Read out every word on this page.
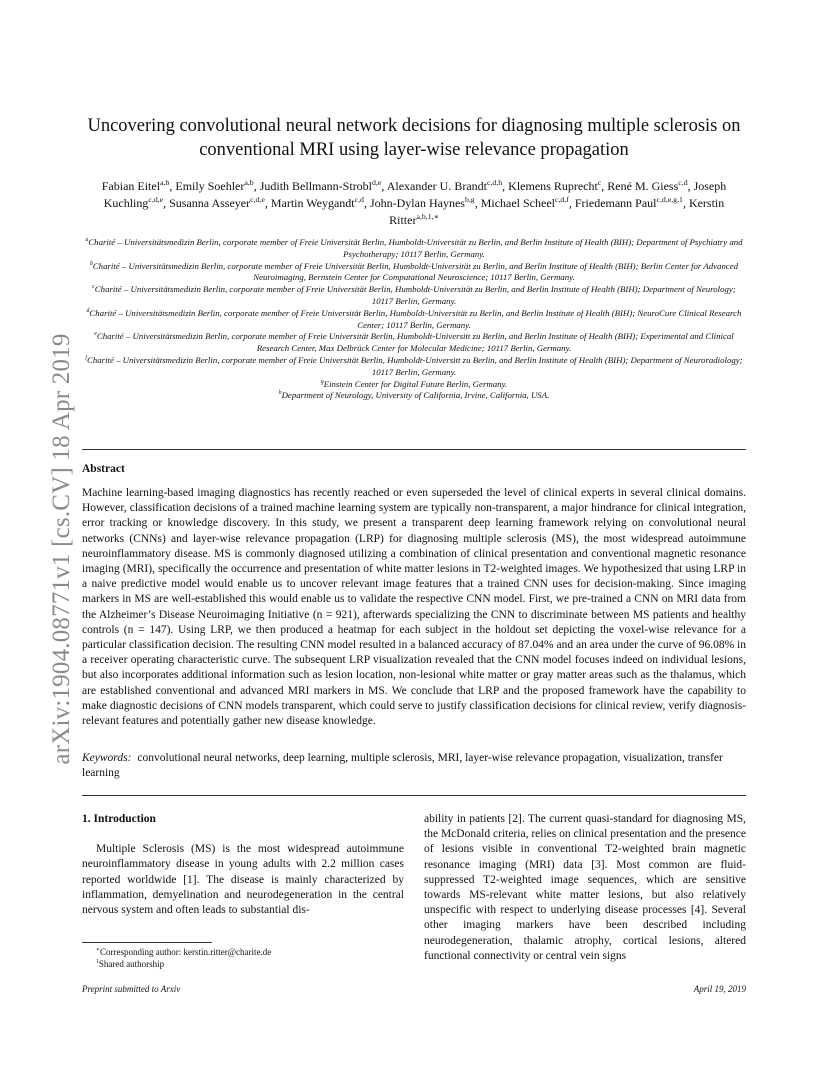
arXiv:1904.08771v1 [cs.CV] 18 Apr 2019
Uncovering convolutional neural network decisions for diagnosing multiple sclerosis on conventional MRI using layer-wise relevance propagation
Fabian Eitel$^{a,b}$, Emily Soehler$^{a,b}$, Judith Bellmann-Strobl$^{d,e}$, Alexander U. Brandt$^{c,d,h}$, Klemens Ruprecht$^c$, René M. Giess$^{c,d}$, Joseph Kuchling$^{c,d,e}$, Susanna Asseyer$^{c,d,e}$, Martin Weygandt$^{c,d}$, John-Dylan Haynes$^{b,g}$, Michael Scheel$^{c,d,f}$, Friedemann Paul$^{c,d,e,g,1}$, Kerstin Ritter$^{a,b,1,∗}$
$^a$Charité – Universitätsmedizin Berlin, corporate member of Freie Universität Berlin, Humboldt-Universität zu Berlin, and Berlin Institute of Health (BIH); Department of Psychiatry and Psychotherapy; 10117 Berlin, Germany.
$^b$Charité – Universitätsmedizin Berlin, corporate member of Freie Universität Berlin, Humboldt-Universität zu Berlin, and Berlin Institute of Health (BIH); Berlin Center for Advanced Neuroimaging, Bernstein Center for Computational Neuroscience; 10117 Berlin, Germany.
$^c$Charité – Universitätsmedizin Berlin, corporate member of Freie Universität Berlin, Humboldt-Universität zu Berlin, and Berlin Institute of Health (BIH); Department of Neurology; 10117 Berlin, Germany.
$^d$Charité – Universitätsmedizin Berlin, corporate member of Freie Universität Berlin, Humboldt-Universität zu Berlin, and Berlin Institute of Health (BIH); NeuroCure Clinical Research Center; 10117 Berlin, Germany.
$^e$Charité – Universitätsmedizin Berlin, corporate member of Freie Universität Berlin, Humboldt-Universitt zu Berlin, and Berlin Institute of Health (BIH); Experimental and Clinical Research Center, Max Delbrück Center for Molecular Medicine; 10117 Berlin, Germany.
$^f$Charité – Universitätsmedizin Berlin, corporate member of Freie Universität Berlin, Humboldt-Universitt zu Berlin, and Berlin Institute of Health (BIH); Department of Neuroradiology; 10117 Berlin, Germany.
$^g$Einstein Center for Digital Future Berlin, Germany.
$^h$Department of Neurology, University of California, Irvine, California, USA.
Abstract
Machine learning-based imaging diagnostics has recently reached or even superseded the level of clinical experts in several clinical domains. However, classification decisions of a trained machine learning system are typically non-transparent, a major hindrance for clinical integration, error tracking or knowledge discovery. In this study, we present a transparent deep learning framework relying on convolutional neural networks (CNNs) and layer-wise relevance propagation (LRP) for diagnosing multiple sclerosis (MS), the most widespread autoimmune neuroinflammatory disease. MS is commonly diagnosed utilizing a combination of clinical presentation and conventional magnetic resonance imaging (MRI), specifically the occurrence and presentation of white matter lesions in T2-weighted images. We hypothesized that using LRP in a naive predictive model would enable us to uncover relevant image features that a trained CNN uses for decision-making. Since imaging markers in MS are well-established this would enable us to validate the respective CNN model. First, we pre-trained a CNN on MRI data from the Alzheimer’s Disease Neuroimaging Initiative (n = 921), afterwards specializing the CNN to discriminate between MS patients and healthy controls (n = 147). Using LRP, we then produced a heatmap for each subject in the holdout set depicting the voxel-wise relevance for a particular classification decision. The resulting CNN model resulted in a balanced accuracy of 87.04% and an area under the curve of 96.08% in a receiver operating characteristic curve. The subsequent LRP visualization revealed that the CNN model focuses indeed on individual lesions, but also incorporates additional information such as lesion location, non-lesional white matter or gray matter areas such as the thalamus, which are established conventional and advanced MRI markers in MS. We conclude that LRP and the proposed framework have the capability to make diagnostic decisions of CNN models transparent, which could serve to justify classification decisions for clinical review, verify diagnosis-relevant features and potentially gather new disease knowledge.
Keywords: convolutional neural networks, deep learning, multiple sclerosis, MRI, layer-wise relevance propagation, visualization, transfer learning
1. Introduction
Multiple Sclerosis (MS) is the most widespread autoimmune neuroinflammatory disease in young adults with 2.2 million cases reported worldwide [1]. The disease is mainly characterized by inflammation, demyelination and neurodegeneration in the central nervous system and often leads to substantial dis-
ability in patients [2]. The current quasi-standard for diagnosing MS, the McDonald criteria, relies on clinical presentation and the presence of lesions visible in conventional T2-weighted brain magnetic resonance imaging (MRI) data [3]. Most common are fluid-suppressed T2-weighted image sequences, which are sensitive towards MS-relevant white matter lesions, but also relatively unspecific with respect to underlying disease processes [4]. Several other imaging markers have been described including neurodegeneration, thalamic atrophy, cortical lesions, altered functional connectivity or central vein signs
∗Corresponding author: kerstin.ritter@charite.de
$^1$Shared authorship
Preprint submitted to Arxiv	April 19, 2019
